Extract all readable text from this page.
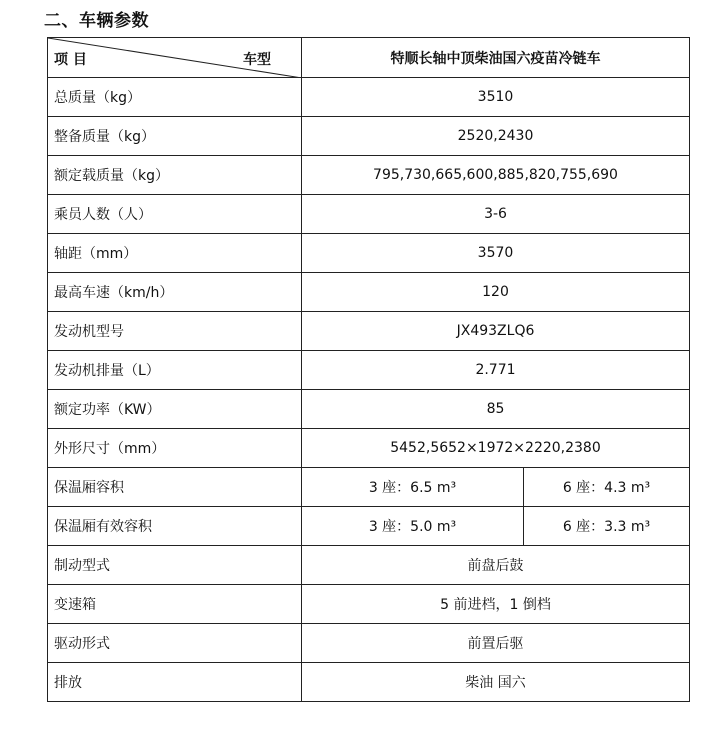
二、车辆参数
项 目 车型	特顺长轴中顶柴油国六疫苗冷链车	
总质量（kg）	3510	
整备质量（kg）	2520,2430	
额定载质量（kg）	795,730,665,600,885,820,755,690	
乘员人数（人）	3-6	
轴距（mm）	3570	
最高车速（km/h）	120	
发动机型号	JX493ZLQ6	
发动机排量（L）	2.771	
额定功率（KW）	85	
外形尺寸（mm）	5452,5652×1972×2220,2380	
保温厢容积	3 座：6.5 m³	6 座：4.3 m³
保温厢有效容积	3 座：5.0 m³	6 座：3.3 m³
制动型式	前盘后鼓	
变速箱	5 前进档，1 倒档	
驱动形式	前置后驱	
排放	柴油 国六	
